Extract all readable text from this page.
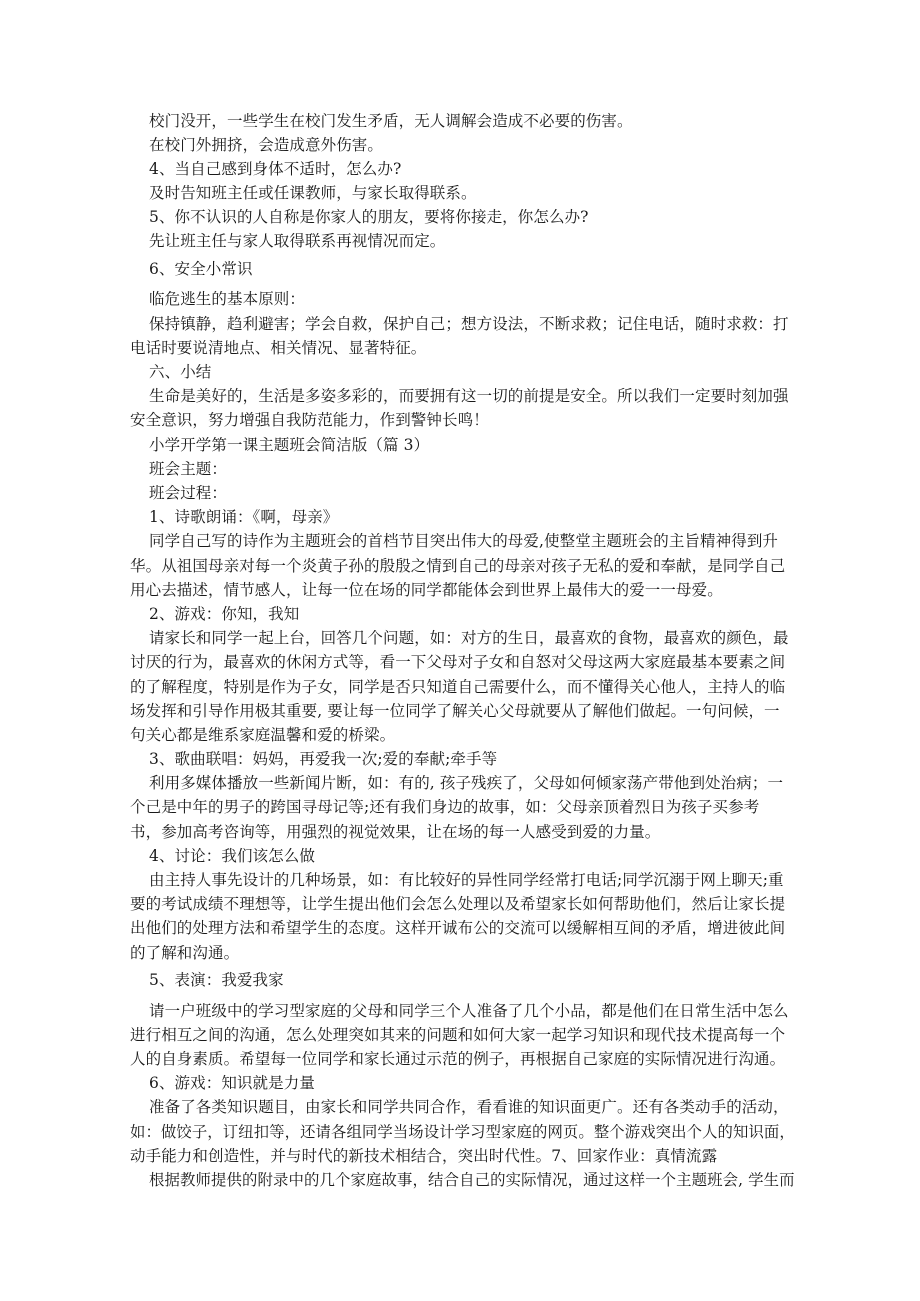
校门没开，一些学生在校门发生矛盾，无人调解会造成不必要的伤害。
在校门外拥挤，会造成意外伤害。
4、当自己感到身体不适时，怎么办?
及时告知班主任或任课教师，与家长取得联系。
5、你不认识的人自称是你家人的朋友，要将你接走，你怎么办?
先让班主任与家人取得联系再视情况而定。
6、安全小常识
临危逃生的基本原则：
保持镇静，趋利避害；学会自救，保护自己；想方设法，不断求救；记住电话，随时求救：打
电话时要说清地点、相关情况、显著特征。
六、小结
生命是美好的，生活是多姿多彩的，而要拥有这一切的前提是安全。所以我们一定要时刻加强
安全意识，努力增强自我防范能力，作到警钟长鸣！
小学开学第一课主题班会简洁版（篇 3）
班会主题：
班会过程：
1、诗歌朗诵：《啊，母亲》
同学自己写的诗作为主题班会的首档节目突出伟大的母爱,使整堂主题班会的主旨精神得到升
华。从祖国母亲对每一个炎黄子孙的殷殷之情到自己的母亲对孩子无私的爱和奉献，是同学自己
用心去描述，情节感人，让每一位在场的同学都能体会到世界上最伟大的爱一一母爱。
2、游戏：你知，我知
请家长和同学一起上台，回答几个问题，如：对方的生日，最喜欢的食物，最喜欢的颜色，最
讨厌的行为，最喜欢的休闲方式等，看一下父母对子女和自怒对父母这两大家庭最基本要素之间
的了解程度，特别是作为子女，同学是否只知道自己需要什么，而不懂得关心他人，主持人的临
场发挥和引导作用极其重要, 要让每一位同学了解关心父母就要从了解他们做起。一句问候，一
句关心都是维系家庭温馨和爱的桥梁。
3、歌曲联唱：妈妈，再爱我一次;爱的奉献;牵手等
利用多媒体播放一些新闻片断，如：有的, 孩子残疾了，父母如何倾家荡产带他到处治病；一
个己是中年的男子的跨国寻母记等;还有我们身边的故事，如：父母亲顶着烈日为孩子买参考
书，参加高考咨询等，用强烈的视觉效果，让在场的每一人感受到爱的力量。
4、讨论：我们该怎么做
由主持人事先设计的几种场景，如：有比较好的异性同学经常打电话;同学沉溺于网上聊天;重
要的考试成绩不理想等，让学生提出他们会怎么处理以及希望家长如何帮助他们，然后让家长提
出他们的处理方法和希望学生的态度。这样开诚布公的交流可以缓解相互间的矛盾，增进彼此间
的了解和沟通。
5、表演：我爱我家
请一户班级中的学习型家庭的父母和同学三个人准备了几个小品，都是他们在日常生活中怎么
进行相互之间的沟通，怎么处理突如其来的问题和如何大家一起学习知识和现代技术提高每一个
人的自身素质。希望每一位同学和家长通过示范的例子，再根据自己家庭的实际情况进行沟通。
6、游戏：知识就是力量
准备了各类知识题目，由家长和同学共同合作，看看谁的知识面更广。还有各类动手的活动，
如：做饺子，订纽扣等，还请各组同学当场设计学习型家庭的网页。整个游戏突出个人的知识面，
动手能力和创造性，并与时代的新技术相结合，突出时代性。7、回家作业：真情流露
根据教师提供的附录中的几个家庭故事，结合自己的实际情况，通过这样一个主题班会, 学生而
